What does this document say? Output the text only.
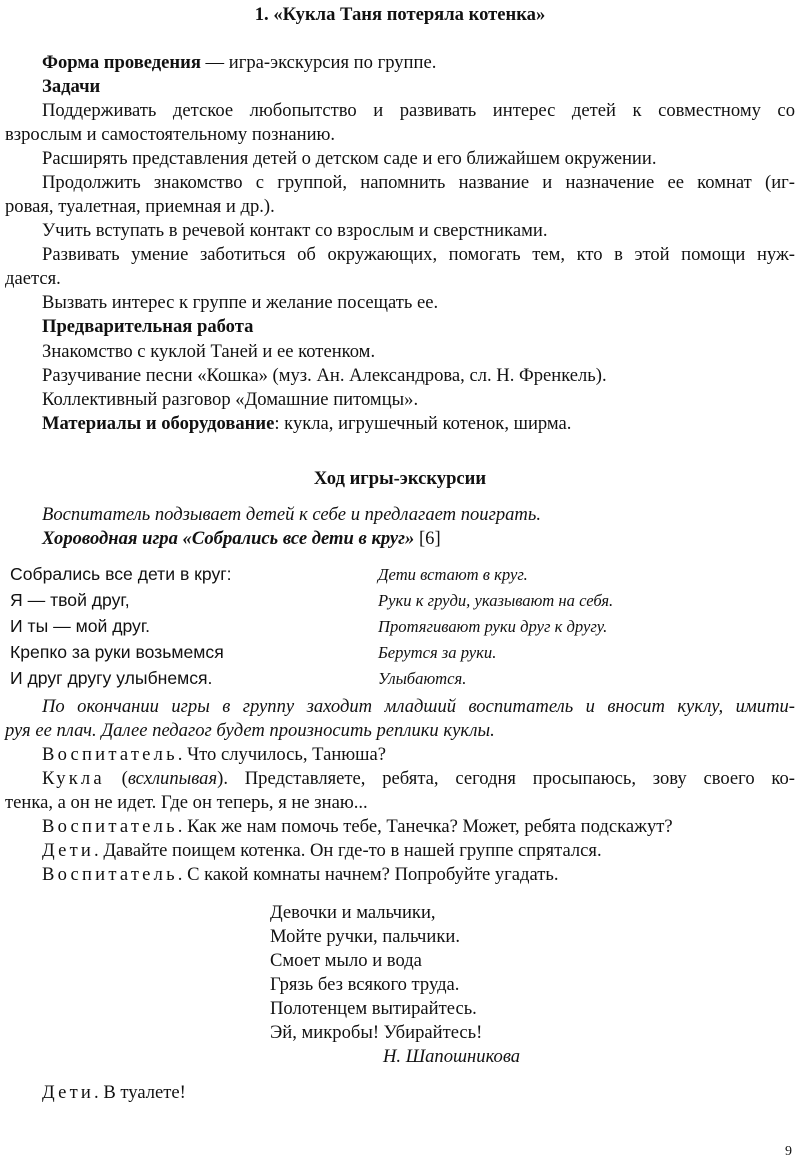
1. «Кукла Таня потеряла котенка»
Форма проведения — игра-экскурсия по группе.
Задачи
Поддерживать детское любопытство и развивать интерес детей к совместному со
взрослым и самостоятельному познанию.
Расширять представления детей о детском саде и его ближайшем окружении.
Продолжить знакомство с группой, напомнить название и назначение ее комнат (иг-
ровая, туалетная, приемная и др.).
Учить вступать в речевой контакт со взрослым и сверстниками.
Развивать умение заботиться об окружающих, помогать тем, кто в этой помощи нуж-
дается.
Вызвать интерес к группе и желание посещать ее.
Предварительная работа
Знакомство с куклой Таней и ее котенком.
Разучивание песни «Кошка» (муз. Ан. Александрова, сл. Н. Френкель).
Коллективный разговор «Домашние питомцы».
Материалы и оборудование: кукла, игрушечный котенок, ширма.
Ход игры-экскурсии
Воспитатель подзывает детей к себе и предлагает поиграть.
Хороводная игра «Собрались все дети в круг» [6]
Собрались все дети в круг:	Дети встают в круг.
Я — твой друг,	Руки к груди, указывают на себя.
И ты — мой друг.	Протягивают руки друг к другу.
Крепко за руки возьмемся	Берутся за руки.
И друг другу улыбнемся.	Улыбаются.
По окончании игры в группу заходит младший воспитатель и вносит куклу, имити-
руя ее плач. Далее педагог будет произносить реплики куклы.
Воспитатель. Что случилось, Танюша?
Кукла (всхлипывая). Представляете, ребята, сегодня просыпаюсь, зову своего ко-
тенка, а он не идет. Где он теперь, я не знаю...
Воспитатель. Как же нам помочь тебе, Танечка? Может, ребята подскажут?
Дети. Давайте поищем котенка. Он где-то в нашей группе спрятался.
Воспитатель. С какой комнаты начнем? Попробуйте угадать.
Девочки и мальчики,
Мойте ручки, пальчики.
Смоет мыло и вода
Грязь без всякого труда.
Полотенцем вытирайтесь.
Эй, микробы! Убирайтесь!
Н. Шапошникова
Дети. В туалете!
9
